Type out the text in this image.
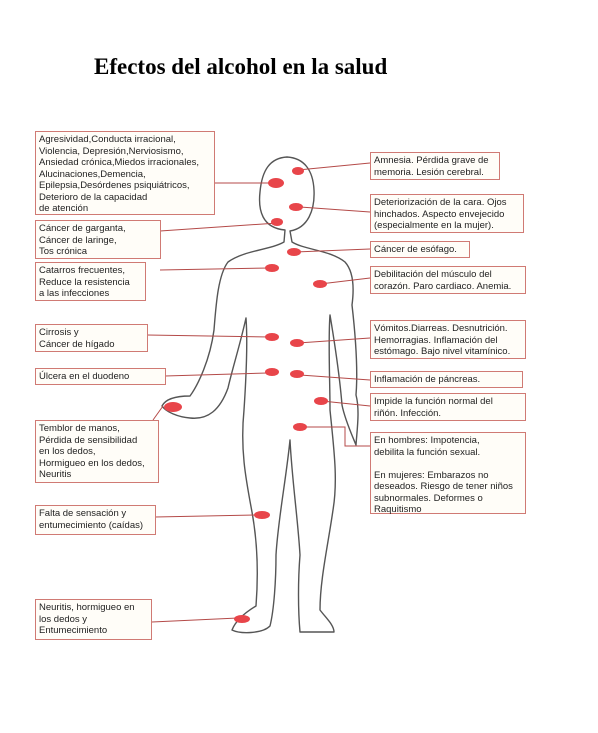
Efectos del alcohol en la salud
Agresividad,Conducta irracional,
Violencia, Depresión,Nerviosismo,
Ansiedad crónica,Miedos irracionales,
Alucinaciones,Demencia,
Epilepsia,Desórdenes psiquiátricos,
Deterioro de la capacidad
de atención
Cáncer de garganta,
Cáncer de laringe,
Tos crónica
Catarros frecuentes,
Reduce la resistencia
a las infecciones
Cirrosis y
Cáncer de hígado
Úlcera en el duodeno
Temblor de manos,
Pérdida de sensibilidad
en los dedos,
Hormigueo en los dedos,
Neuritis
Falta de sensación y
entumecimiento (caídas)
Neuritis, hormigueo en
los dedos y
Entumecimiento
Amnesia. Pérdida grave de
memoria. Lesión cerebral.
Deteriorización de la cara. Ojos
hinchados. Aspecto envejecido
(especialmente en la mujer).
Cáncer de esófago.
Debilitación del músculo del
corazón. Paro cardiaco. Anemia.
Vómitos.Diarreas. Desnutrición.
Hemorragias. Inflamación del
estómago. Bajo nivel vitamínico.
Inflamación de páncreas.
Impide la función normal del
riñón. Infección.
En hombres: Impotencia,
debilita la función sexual.

En mujeres: Embarazos no
deseados. Riesgo de tener niños
subnormales. Deformes o
Raquitismo
